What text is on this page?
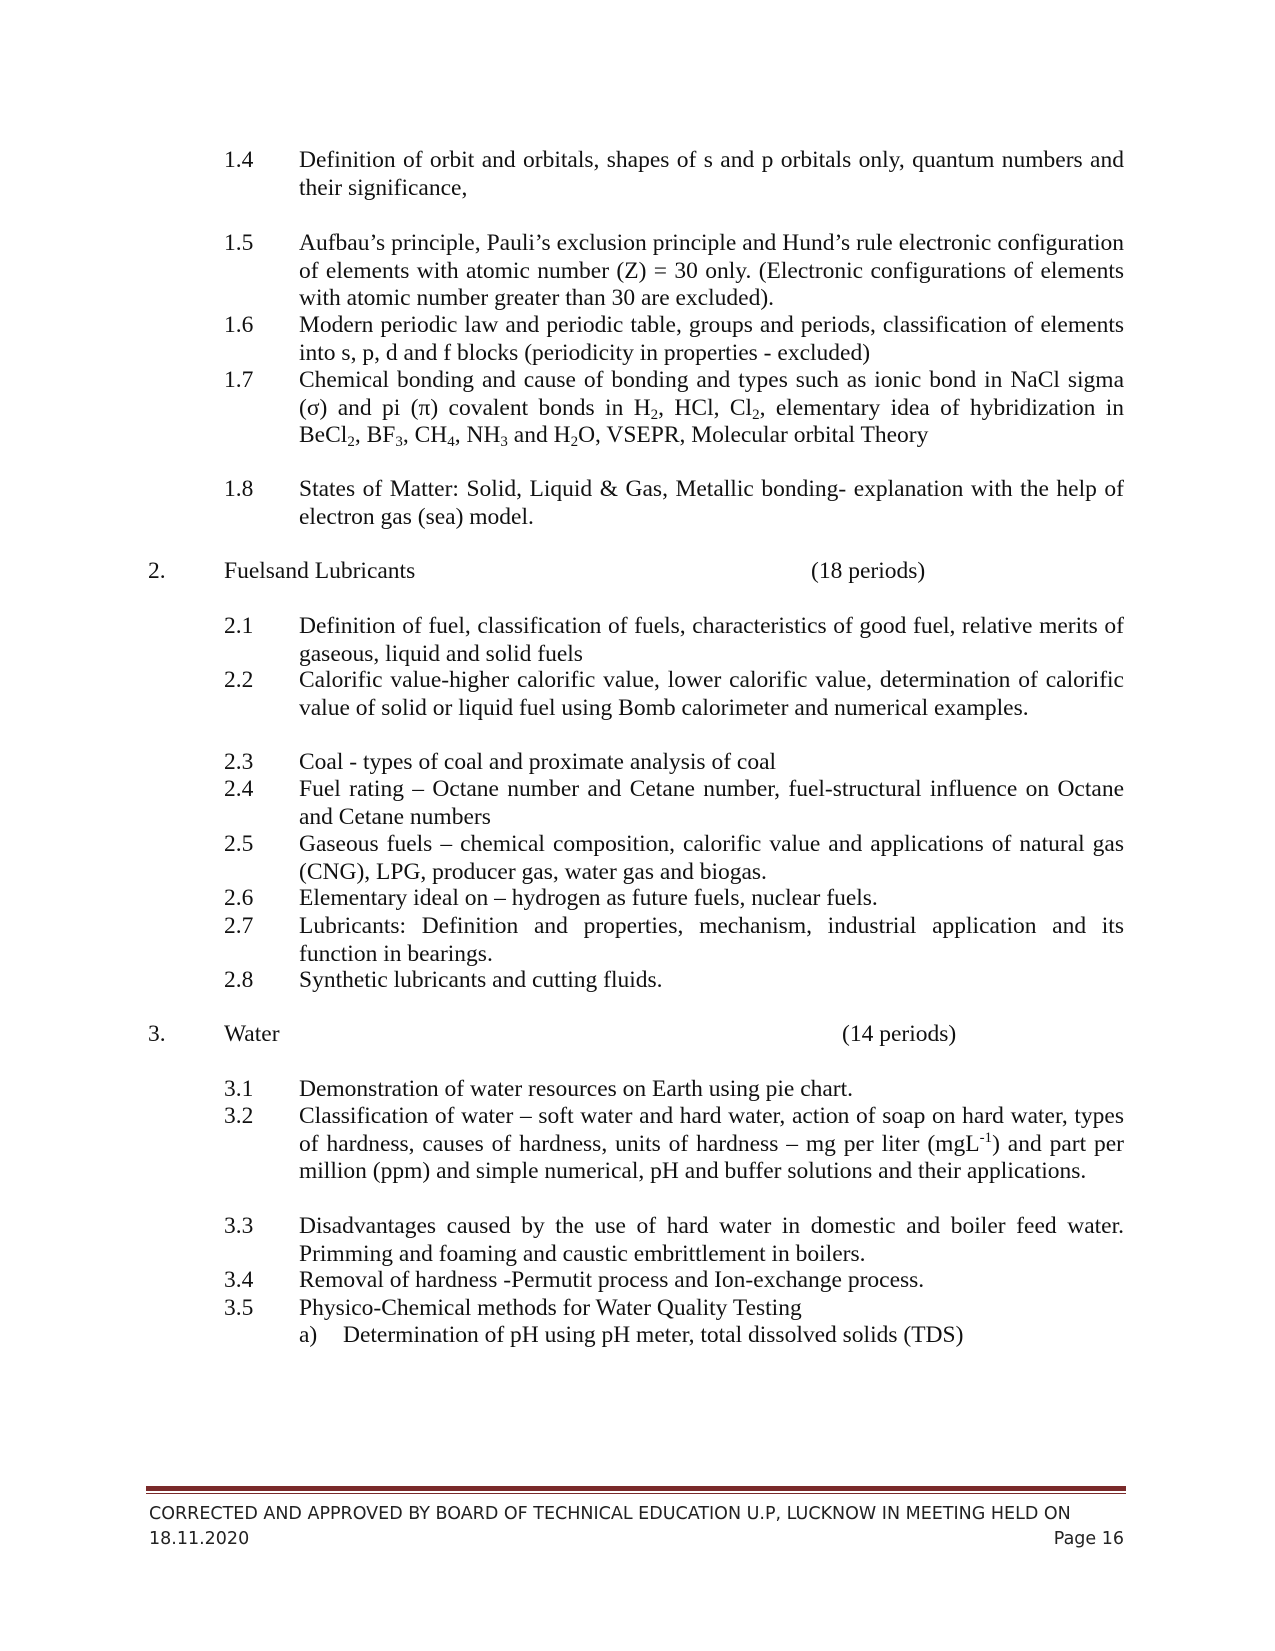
1.4 Definition of orbit and orbitals, shapes of s and p orbitals only, quantum numbers and their significance,
1.5 Aufbau’s principle, Pauli’s exclusion principle and Hund’s rule electronic configuration of elements with atomic number (Z) = 30 only. (Electronic configurations of elements with atomic number greater than 30 are excluded).
1.6 Modern periodic law and periodic table, groups and periods, classification of elements into s, p, d and f blocks (periodicity in properties - excluded)
1.7 Chemical bonding and cause of bonding and types such as ionic bond in NaCl sigma (σ) and pi (π) covalent bonds in $H_2$, HCl, $Cl_2$, elementary idea of hybridization in BeCl$_2$, $BF_3$, $CH_4$, $NH_3$ and $H_2O$, VSEPR, Molecular orbital Theory
1.8 States of Matter: Solid, Liquid & Gas, Metallic bonding- explanation with the help of electron gas (sea) model.
2. Fuelsand Lubricants	(18 periods)
2.1 Definition of fuel, classification of fuels, characteristics of good fuel, relative merits of gaseous, liquid and solid fuels
2.2 Calorific value-higher calorific value, lower calorific value, determination of calorific value of solid or liquid fuel using Bomb calorimeter and numerical examples.
2.3 Coal - types of coal and proximate analysis of coal
2.4 Fuel rating – Octane number and Cetane number, fuel-structural influence on Octane and Cetane numbers
2.5 Gaseous fuels – chemical composition, calorific value and applications of natural gas (CNG), LPG, producer gas, water gas and biogas.
2.6 Elementary ideal on – hydrogen as future fuels, nuclear fuels.
2.7 Lubricants: Definition and properties, mechanism, industrial application and its function in bearings.
2.8 Synthetic lubricants and cutting fluids.
3. Water	(14 periods)
3.1 Demonstration of water resources on Earth using pie chart.
3.2 Classification of water – soft water and hard water, action of soap on hard water, types of hardness, causes of hardness, units of hardness – mg per liter (mgL$^{-1}$) and part per million (ppm) and simple numerical, pH and buffer solutions and their applications.
3.3 Disadvantages caused by the use of hard water in domestic and boiler feed water. Primming and foaming and caustic embrittlement in boilers.
3.4 Removal of hardness -Permutit process and Ion-exchange process.
3.5 Physico-Chemical methods for Water Quality Testing
a) Determination of pH using pH meter, total dissolved solids (TDS)
CORRECTED AND APPROVED BY BOARD OF TECHNICAL EDUCATION U.P, LUCKNOW IN MEETING HELD ON
18.11.2020	Page 16
